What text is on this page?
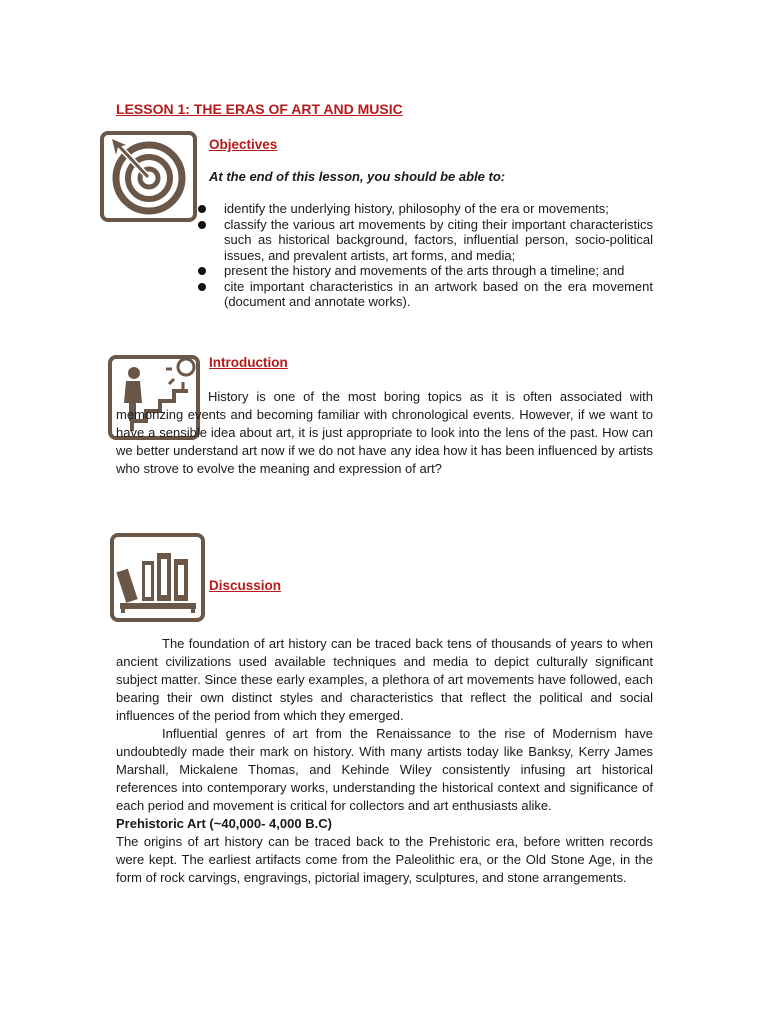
LESSON 1: THE ERAS OF ART AND MUSIC
Objectives
At the end of this lesson, you should be able to:
identify the underlying history, philosophy of the era or movements;
classify the various art movements by citing their important characteristics such as historical background, factors, influential person, socio-political issues, and prevalent artists, art forms, and media;
present the history and movements of the arts through a timeline; and
cite important characteristics in an artwork based on the era movement (document and annotate works).
Introduction
History is one of the most boring topics as it is often associated with memorizing events and becoming familiar with chronological events. However, if we want to have a sensible idea about art, it is just appropriate to look into the lens of the past. How can we better understand art now if we do not have any idea how it has been influenced by artists who strove to evolve the meaning and expression of art?
Discussion

The foundation of art history can be traced back tens of thousands of years to when ancient civilizations used available techniques and media to depict culturally significant subject matter. Since these early examples, a plethora of art movements have followed, each bearing their own distinct styles and characteristics that reflect the political and social influences of the period from which they emerged.

Influential genres of art from the Renaissance to the rise of Modernism have undoubtedly made their mark on history. With many artists today like Banksy, Kerry James Marshall, Mickalene Thomas, and Kehinde Wiley consistently infusing art historical references into contemporary works, understanding the historical context and significance of each period and movement is critical for collectors and art enthusiasts alike.

Prehistoric Art (~40,000- 4,000 B.C)

The origins of art history can be traced back to the Prehistoric era, before written records were kept. The earliest artifacts come from the Paleolithic era, or the Old Stone Age, in the form of rock carvings, engravings, pictorial imagery, sculptures, and stone arrangements.
